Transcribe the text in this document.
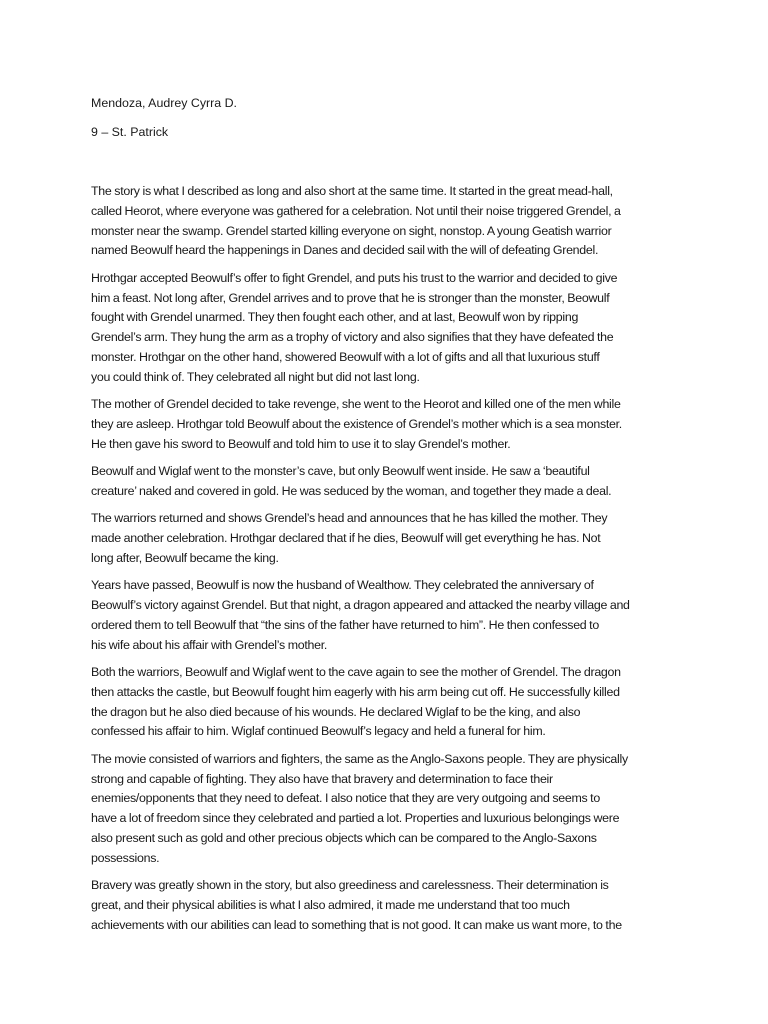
Mendoza, Audrey Cyrra D.

9 – St. Patrick

The story is what I described as long and also short at the same time. It started in the great mead-hall,
called Heorot, where everyone was gathered for a celebration. Not until their noise triggered Grendel, a
monster near the swamp. Grendel started killing everyone on sight, nonstop. A young Geatish warrior
named Beowulf heard the happenings in Danes and decided sail with the will of defeating Grendel.

Hrothgar accepted Beowulf’s offer to fight Grendel, and puts his trust to the warrior and decided to give
him a feast. Not long after, Grendel arrives and to prove that he is stronger than the monster, Beowulf
fought with Grendel unarmed. They then fought each other, and at last, Beowulf won by ripping
Grendel’s arm. They hung the arm as a trophy of victory and also signifies that they have defeated the
monster. Hrothgar on the other hand, showered Beowulf with a lot of gifts and all that luxurious stuff
you could think of. They celebrated all night but did not last long.

The mother of Grendel decided to take revenge, she went to the Heorot and killed one of the men while
they are asleep. Hrothgar told Beowulf about the existence of Grendel’s mother which is a sea monster.
He then gave his sword to Beowulf and told him to use it to slay Grendel’s mother.

Beowulf and Wiglaf went to the monster’s cave, but only Beowulf went inside. He saw a ‘beautiful
creature’ naked and covered in gold. He was seduced by the woman, and together they made a deal.

The warriors returned and shows Grendel’s head and announces that he has killed the mother. They
made another celebration. Hrothgar declared that if he dies, Beowulf will get everything he has. Not
long after, Beowulf became the king.

Years have passed, Beowulf is now the husband of Wealthow. They celebrated the anniversary of
Beowulf’s victory against Grendel. But that night, a dragon appeared and attacked the nearby village and
ordered them to tell Beowulf that “the sins of the father have returned to him”. He then confessed to
his wife about his affair with Grendel’s mother.

Both the warriors, Beowulf and Wiglaf went to the cave again to see the mother of Grendel. The dragon
then attacks the castle, but Beowulf fought him eagerly with his arm being cut off. He successfully killed
the dragon but he also died because of his wounds. He declared Wiglaf to be the king, and also
confessed his affair to him. Wiglaf continued Beowulf’s legacy and held a funeral for him.

The movie consisted of warriors and fighters, the same as the Anglo-Saxons people. They are physically
strong and capable of fighting. They also have that bravery and determination to face their
enemies/opponents that they need to defeat. I also notice that they are very outgoing and seems to
have a lot of freedom since they celebrated and partied a lot. Properties and luxurious belongings were
also present such as gold and other precious objects which can be compared to the Anglo-Saxons
possessions.

Bravery was greatly shown in the story, but also greediness and carelessness. Their determination is
great, and their physical abilities is what I also admired, it made me understand that too much
achievements with our abilities can lead to something that is not good. It can make us want more, to the
